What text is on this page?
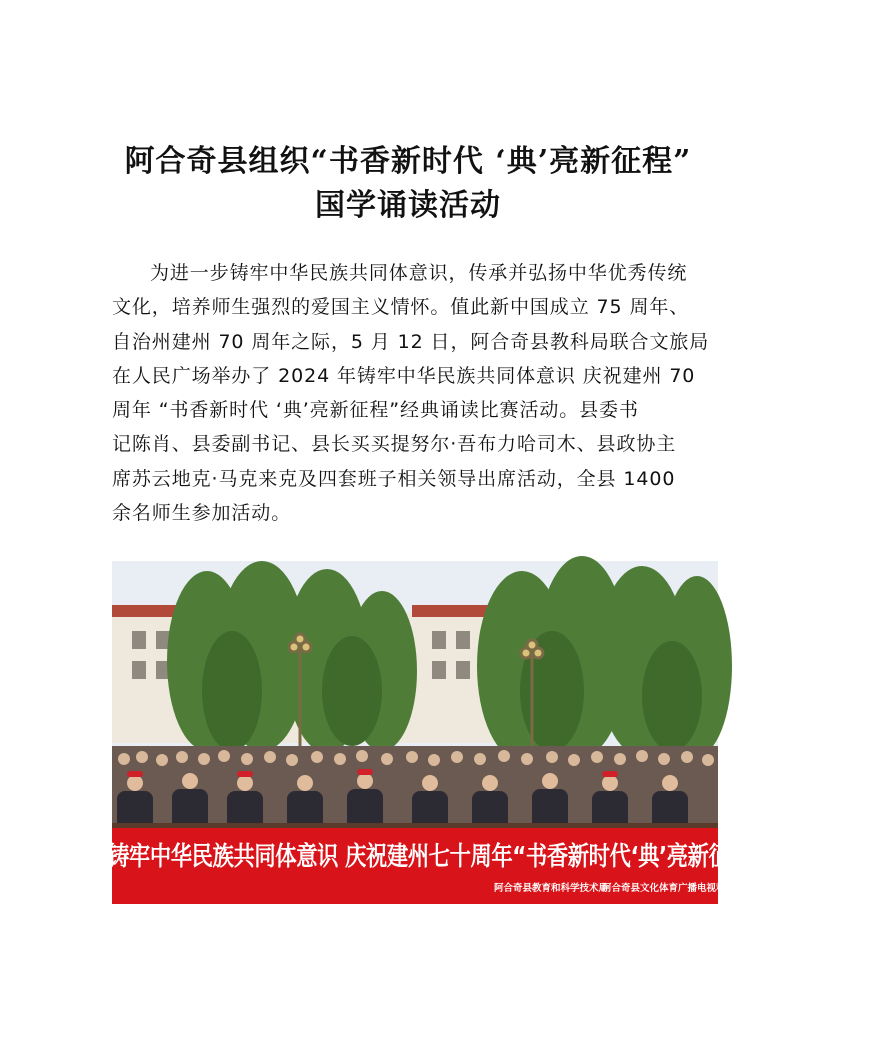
阿合奇县组织“书香新时代 ‘典’亮新征程”
国学诵读活动
为进一步铸牢中华民族共同体意识，传承并弘扬中华优秀传统
文化，培养师生强烈的爱国主义情怀。值此新中国成立 75 周年、
自治州建州 70 周年之际，5 月 12 日，阿合奇县教科局联合文旅局
在人民广场举办了 2024 年铸牢中华民族共同体意识 庆祝建州 70
周年 “书香新时代 ‘典’亮新征程”经典诵读比赛活动。县委书
记陈肖、县委副书记、县长买买提努尔·吾布力哈司木、县政协主
席苏云地克·马克来克及四套班子相关领导出席活动，全县 1400
余名师生参加活动。
铸牢中华民族共同体意识 庆祝建州七十周年“书香新时代‘典’亮新征程”经典诵读活动
阿合奇县教育和科学技术局
阿合奇县文化体育广播电视和旅游局
